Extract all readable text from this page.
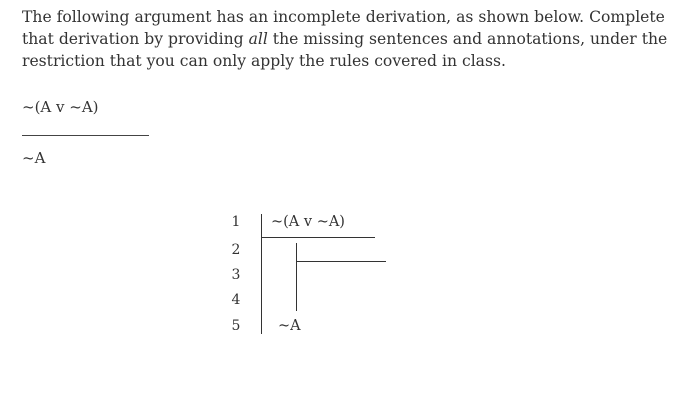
The following argument has an incomplete derivation, as shown below. Complete that derivation by providing all the missing sentences and annotations, under the restriction that you can only apply the rules covered in class.

~(A v ~A)
~A
1
2
3
4
5
~(A v ~A)
~A
